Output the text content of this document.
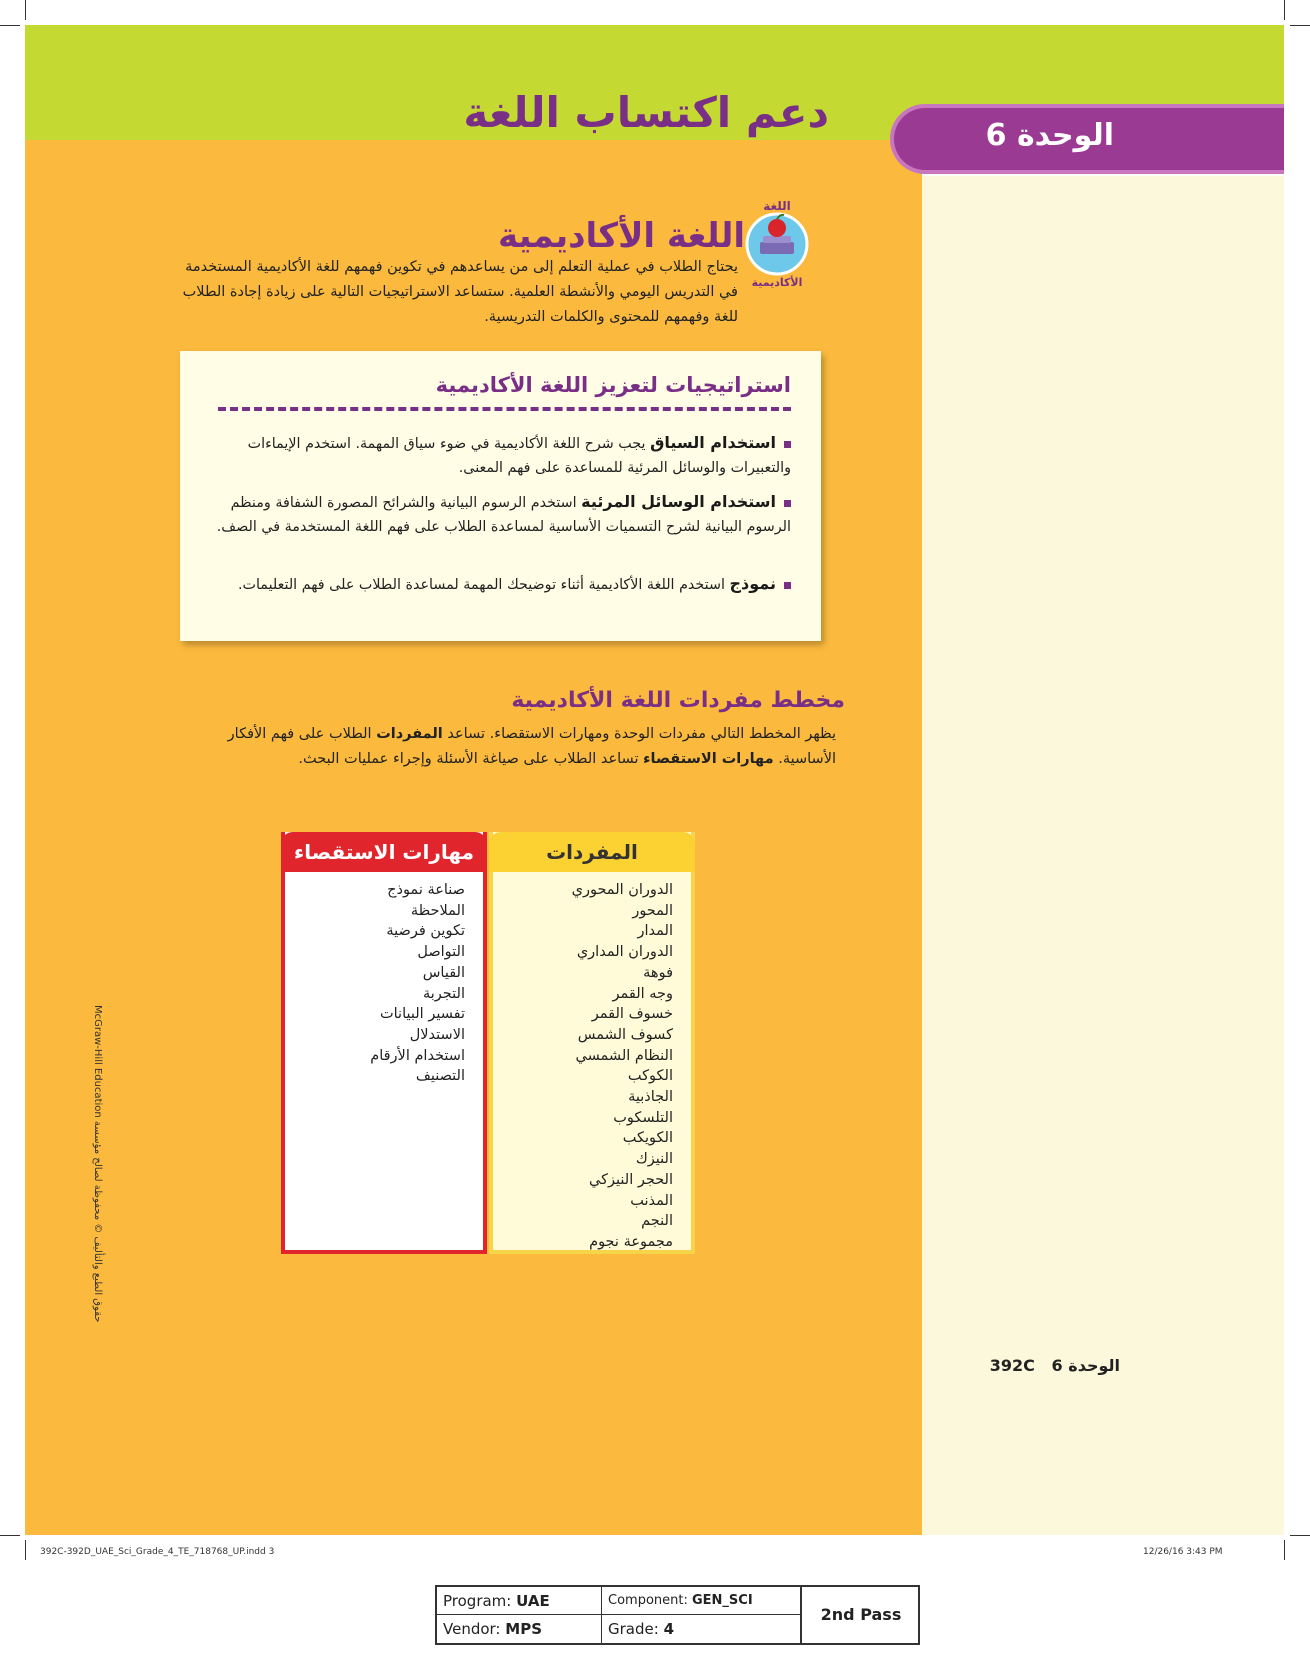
دعم اكتساب اللغة	الوحدة 6
اللغة
الأكاديمية
اللغة الأكاديمية
يحتاج الطلاب في عملية التعلم إلى من يساعدهم في تكوين فهمهم للغة الأكاديمية المستخدمة في التدريس اليومي والأنشطة العلمية. ستساعد الاستراتيجيات التالية على زيادة إجادة الطلاب للغة وفهمهم للمحتوى والكلمات التدريسية.
استراتيجيات لتعزيز اللغة الأكاديمية
استخدام السياق يجب شرح اللغة الأكاديمية في ضوء سياق المهمة. استخدم الإيماءات والتعبيرات والوسائل المرئية للمساعدة على فهم المعنى.
استخدام الوسائل المرئية استخدم الرسوم البيانية والشرائح المصورة الشفافة ومنظم الرسوم البيانية لشرح التسميات الأساسية لمساعدة الطلاب على فهم اللغة المستخدمة في الصف.
نموذج استخدم اللغة الأكاديمية أثناء توضيحك المهمة لمساعدة الطلاب على فهم التعليمات.
مخطط مفردات اللغة الأكاديمية
يظهر المخطط التالي مفردات الوحدة ومهارات الاستقصاء. تساعد المفردات الطلاب على فهم الأفكار الأساسية. مهارات الاستقصاء تساعد الطلاب على صياغة الأسئلة وإجراء عمليات البحث.
المفردات
الدوران المحوري
المحور
المدار
الدوران المداري
فوهة
وجه القمر
خسوف القمر
كسوف الشمس
النظام الشمسي
الكوكب
الجاذبية
التلسكوب
الكويكب
النيزك
الحجر النيزكي
المذنب
النجم
مجموعة نجوم
مهارات الاستقصاء
صناعة نموذج
الملاحظة
تكوين فرضية
التواصل
القياس
التجربة
تفسير البيانات
الاستدلال
استخدام الأرقام
التصنيف
الوحدة 6   392C
McGraw-Hill Education حقوق الطبع والتأليف © محفوظة لصالح مؤسسة
392C-392D_UAE_Sci_Grade_4_TE_718768_UP.indd 3	12/26/16 3:43 PM
Program: UAE	Component: GEN_SCI
Vendor: MPS	Grade: 4
2nd Pass
